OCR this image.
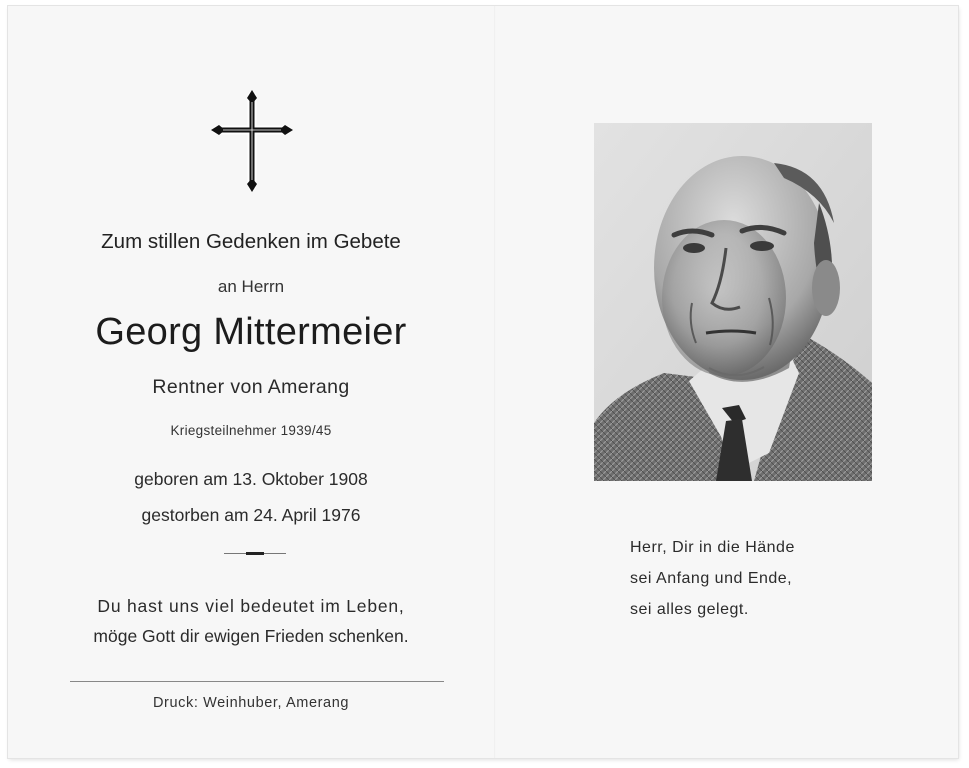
Zum stillen Gedenken im Gebete
an Herrn
Georg Mittermeier
Rentner von Amerang
Kriegsteilnehmer 1939/45
geboren am 13. Oktober 1908
gestorben am 24. April 1976
Du hast uns viel bedeutet im Leben,
möge Gott dir ewigen Frieden schenken.
Druck: Weinhuber, Amerang
Herr, Dir in die Hände
sei Anfang und Ende,
sei alles gelegt.
